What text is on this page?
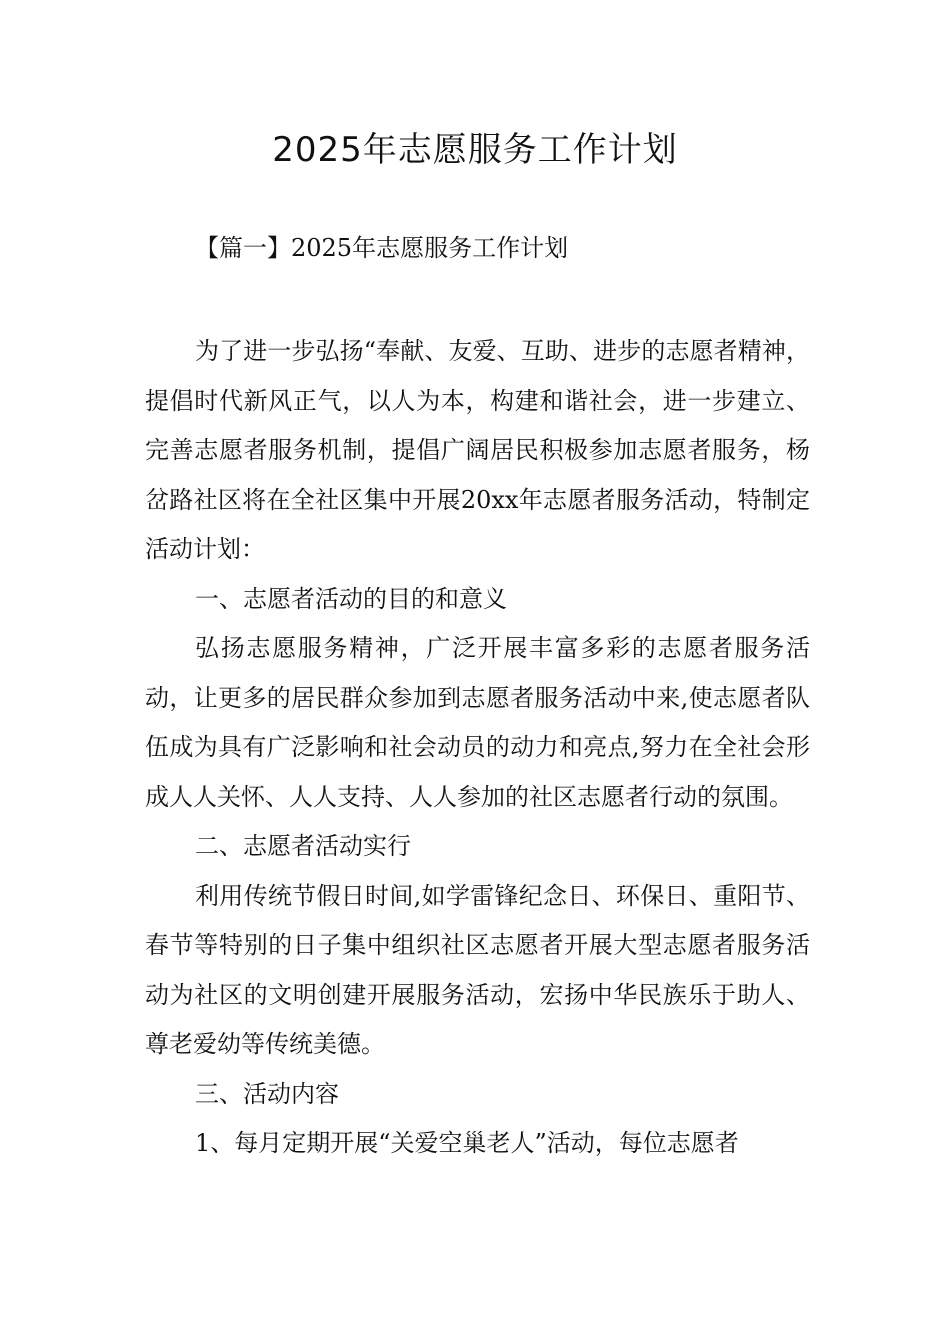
2025年志愿服务工作计划

【篇一】2025年志愿服务工作计划

为了进一步弘扬“奉献、友爱、互助、进步的志愿者精神，提倡时代新风正气，以人为本，构建和谐社会，进一步建立、完善志愿者服务机制，提倡广阔居民积极参加志愿者服务，杨岔路社区将在全社区集中开展20xx年志愿者服务活动，特制定活动计划：

一、志愿者活动的目的和意义

弘扬志愿服务精神，广泛开展丰富多彩的志愿者服务活动，让更多的居民群众参加到志愿者服务活动中来,使志愿者队伍成为具有广泛影响和社会动员的动力和亮点,努力在全社会形成人人关怀、人人支持、人人参加的社区志愿者行动的氛围。

二、志愿者活动实行

利用传统节假日时间,如学雷锋纪念日、环保日、重阳节、春节等特别的日子集中组织社区志愿者开展大型志愿者服务活动为社区的文明创建开展服务活动，宏扬中华民族乐于助人、尊老爱幼等传统美德。

三、活动内容

1、每月定期开展“关爱空巢老人”活动，每位志愿者
